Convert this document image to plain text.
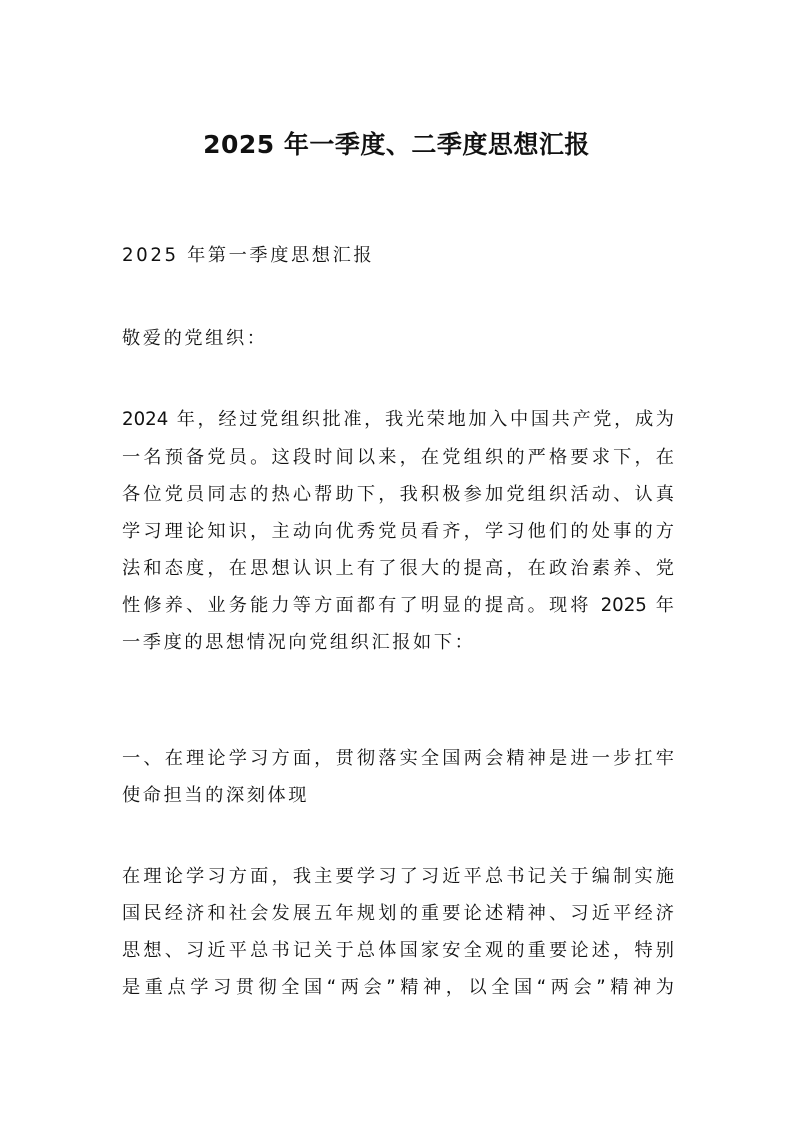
2025 年一季度、二季度思想汇报

2025 年第一季度思想汇报

敬爱的党组织：

2024 年，经过党组织批准，我光荣地加入中国共产党，成为

一名预备党员。这段时间以来，在党组织的严格要求下，在

各位党员同志的热心帮助下，我积极参加党组织活动、认真

学习理论知识，主动向优秀党员看齐，学习他们的处事的方

法和态度，在思想认识上有了很大的提高，在政治素养、党

性修养、业务能力等方面都有了明显的提高。现将 2025 年

一季度的思想情况向党组织汇报如下：

一、在理论学习方面，贯彻落实全国两会精神是进一步扛牢

使命担当的深刻体现

在理论学习方面，我主要学习了习近平总书记关于编制实施

国民经济和社会发展五年规划的重要论述精神、习近平经济

思想、习近平总书记关于总体国家安全观的重要论述，特别

是重点学习贯彻全国“两会”精神，以全国“两会”精神为
